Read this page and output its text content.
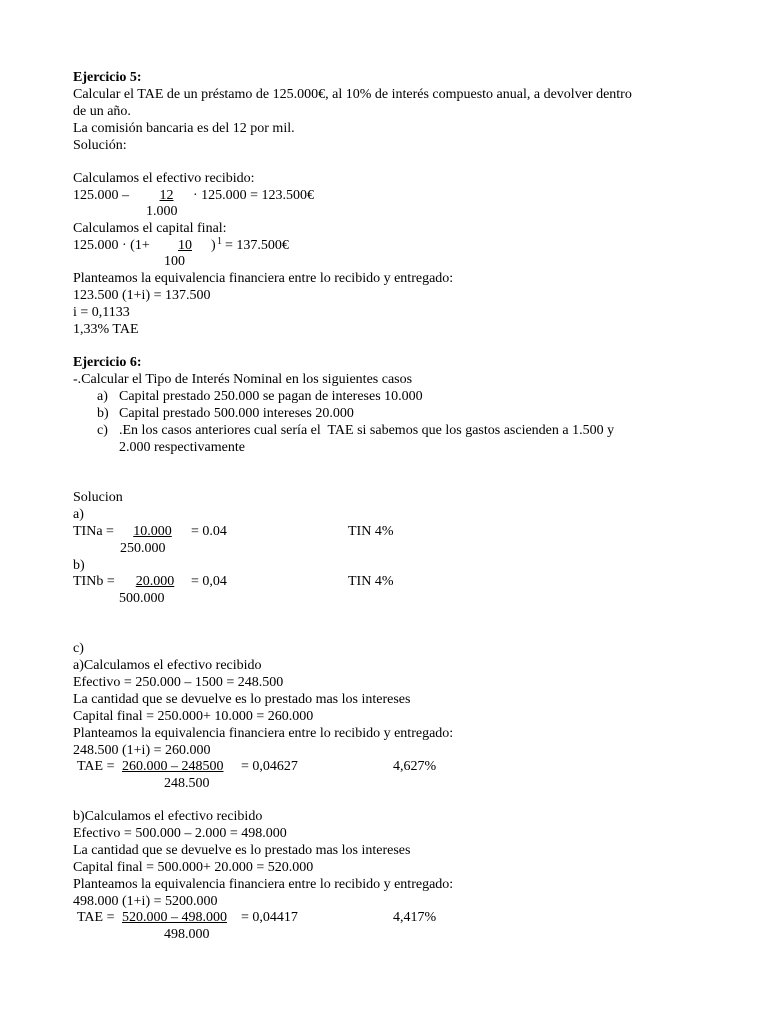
Ejercicio 5:
Calcular el TAE de un préstamo de 125.000€, al 10% de interés compuesto anual, a devolver dentro
de un año.
La comisión bancaria es del 12 por mil.
Solución:
Calculamos el efectivo recibido:
125.000 –	12	· 125.000 = 123.500€
1.000
Calculamos el capital final:
125.000 · (1+	10	) 1 = 137.500€
100
Planteamos la equivalencia financiera entre lo recibido y entregado:
123.500 (1+i) = 137.500
i = 0,1133
1,33% TAE
Ejercicio 6:
-.Calcular el Tipo de Interés Nominal en los siguientes casos
a) Capital prestado 250.000 se pagan de intereses 10.000
b) Capital prestado 500.000 intereses 20.000
c) .En los casos anteriores cual sería el  TAE si sabemos que los gastos ascienden a 1.500 y
2.000 respectivamente
Solucion
a)
TINa =	10.000	= 0.04	TIN 4%
250.000
b)
TINb =	20.000	= 0,04	TIN 4%
500.000
c)
a)Calculamos el efectivo recibido
Efectivo = 250.000 – 1500 = 248.500
La cantidad que se devuelve es lo prestado mas los intereses
Capital final = 250.000+ 10.000 = 260.000
Planteamos la equivalencia financiera entre lo recibido y entregado:
248.500 (1+i) = 260.000
TAE = 260.000 – 248500 = 0,04627	4,627%
248.500
b)Calculamos el efectivo recibido
Efectivo = 500.000 – 2.000 = 498.000
La cantidad que se devuelve es lo prestado mas los intereses
Capital final = 500.000+ 20.000 = 520.000
Planteamos la equivalencia financiera entre lo recibido y entregado:
498.000 (1+i) = 5200.000
TAE = 520.000 – 498.000 = 0,04417	4,417%
498.000
